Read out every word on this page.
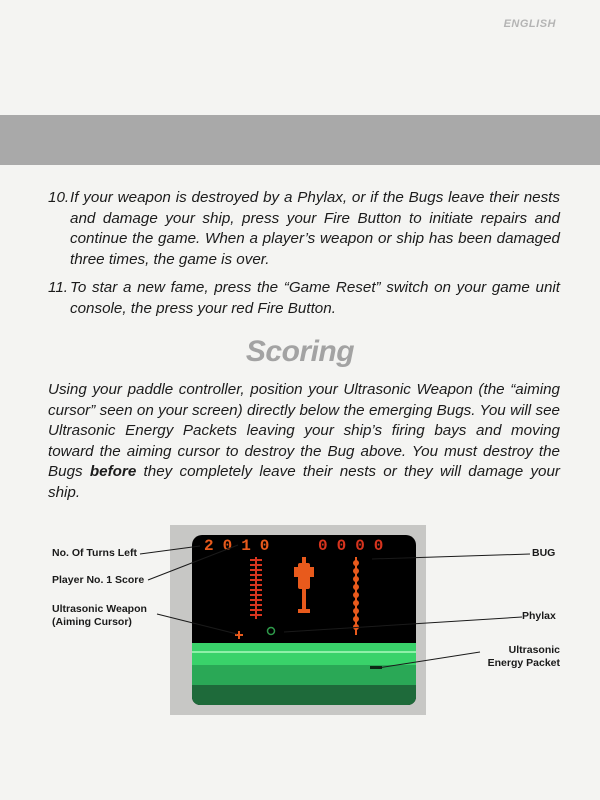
ENGLISH
10. If your weapon is destroyed by a Phylax, or if the Bugs leave their nests and damage your ship, press your Fire Button to initiate repairs and continue the game. When a player’s weapon or ship has been damaged three times, the game is over.
11. To star a new fame, press the “Game Reset” switch on your game unit console, the press your red Fire Button.
Scoring
Using your paddle controller, position your Ultrasonic Weapon (the “aiming cursor” seen on your screen) directly below the emerging Bugs. You will see Ultrasonic Energy Packets leaving your ship’s firing bays and moving toward the aiming cursor to destroy the Bug above. You must destroy the Bugs before they completely leave their nests or they will damage your ship.
2010 0000
No. Of Turns Left
Player No. 1 Score
Ultrasonic Weapon
(Aiming Cursor)
BUG
Phylax
Ultrasonic
Energy Packet
